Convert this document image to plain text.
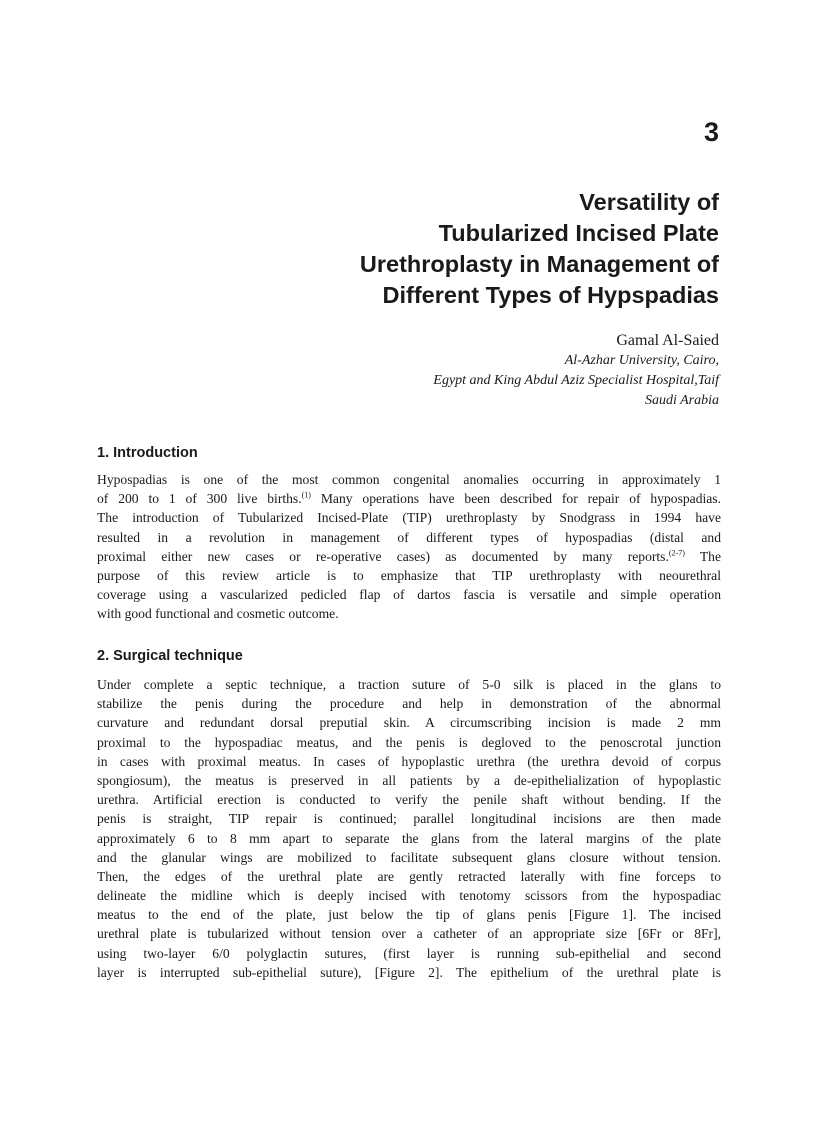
3
Versatility of
Tubularized Incised Plate
Urethroplasty in Management of
Different Types of Hypspadias
Gamal Al-Saied
Al-Azhar University, Cairo,
Egypt and King Abdul Aziz Specialist Hospital,Taif
Saudi Arabia
1. Introduction
Hypospadias is one of the most common congenital anomalies occurring in approximately 1
of 200 to 1 of 300 live births.$^{(1)}$ Many operations have been described for repair of hypospadias.
The introduction of Tubularized Incised-Plate (TIP) urethroplasty by Snodgrass in 1994 have
resulted in a revolution in management of different types of hypospadias (distal and
proximal either new cases or re-operative cases) as documented by many reports.$^{(2-7)}$ The
purpose of this review article is to emphasize that TIP urethroplasty with neourethral
coverage using a vascularized pedicled flap of dartos fascia is versatile and simple operation
with good functional and cosmetic outcome.
2. Surgical technique
Under complete a septic technique, a traction suture of 5-0 silk is placed in the glans to
stabilize the penis during the procedure and help in demonstration of the abnormal
curvature and redundant dorsal preputial skin. A circumscribing incision is made 2 mm
proximal to the hypospadiac meatus, and the penis is degloved to the penoscrotal junction
in cases with proximal meatus. In cases of hypoplastic urethra (the urethra devoid of corpus
spongiosum), the meatus is preserved in all patients by a de-epithelialization of hypoplastic
urethra. Artificial erection is conducted to verify the penile shaft without bending. If the
penis is straight, TIP repair is continued; parallel longitudinal incisions are then made
approximately 6 to 8 mm apart to separate the glans from the lateral margins of the plate
and the glanular wings are mobilized to facilitate subsequent glans closure without tension.
Then, the edges of the urethral plate are gently retracted laterally with fine forceps to
delineate the midline which is deeply incised with tenotomy scissors from the hypospadiac
meatus to the end of the plate, just below the tip of glans penis [Figure 1]. The incised
urethral plate is tubularized without tension over a catheter of an appropriate size [6Fr or 8Fr],
using two-layer 6/0 polyglactin sutures, (first layer is running sub-epithelial and second
layer is interrupted sub-epithelial suture), [Figure 2]. The epithelium of the urethral plate is
